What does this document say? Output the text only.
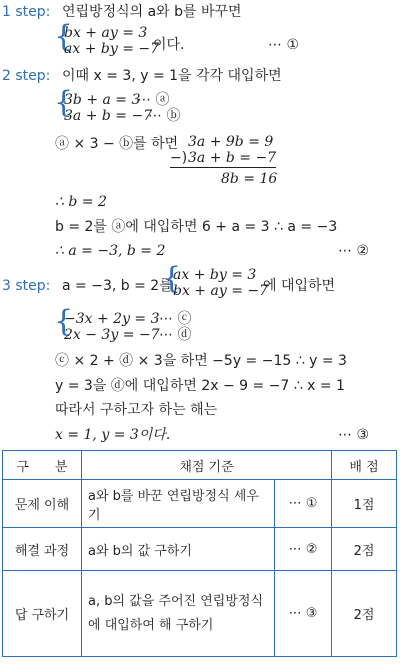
1 step: 연립방정식의 a와 b를 바꾸면
{
bx + ay = 3
ax + by = −7
이다.	⋯ ①
2 step: 이때 x = 3, y = 1을 각각 대입하면
{
3b + a = 3
⋯ ⓐ
3a + b = −7
⋯ ⓑ
ⓐ × 3 − ⓑ를 하면 3a + 9b = 9
−) 3a + b = −7
8b = 16
∴ b = 2
b = 2를 ⓐ에 대입하면 6 + a = 3 ∴ a = −3
∴ a = −3, b = 2	⋯ ②
3 step: a = −3, b = 2를
{
ax + by = 3
bx + ay = −7
에 대입하면
{
−3x + 2y = 3 ⋯ ⓒ
2x − 3y = −7 ⋯ ⓓ
ⓒ × 2 + ⓓ × 3을 하면 −5y = −15 ∴ y = 3
y = 3을 ⓓ에 대입하면 2x − 9 = −7 ∴ x = 1
따라서 구하고자 하는 해는
x = 1, y = 3이다.	⋯ ③
구　　분	채점 기준		배 점
문제 이해	a와 b를 바꾼 연립방정식 세우기	⋯ ①	1점
해결 과정	a와 b의 값 구하기	⋯ ②	2점
답 구하기	a, b의 값을 주어진 연립방정식에 대입하여 해 구하기	⋯ ③	2점
